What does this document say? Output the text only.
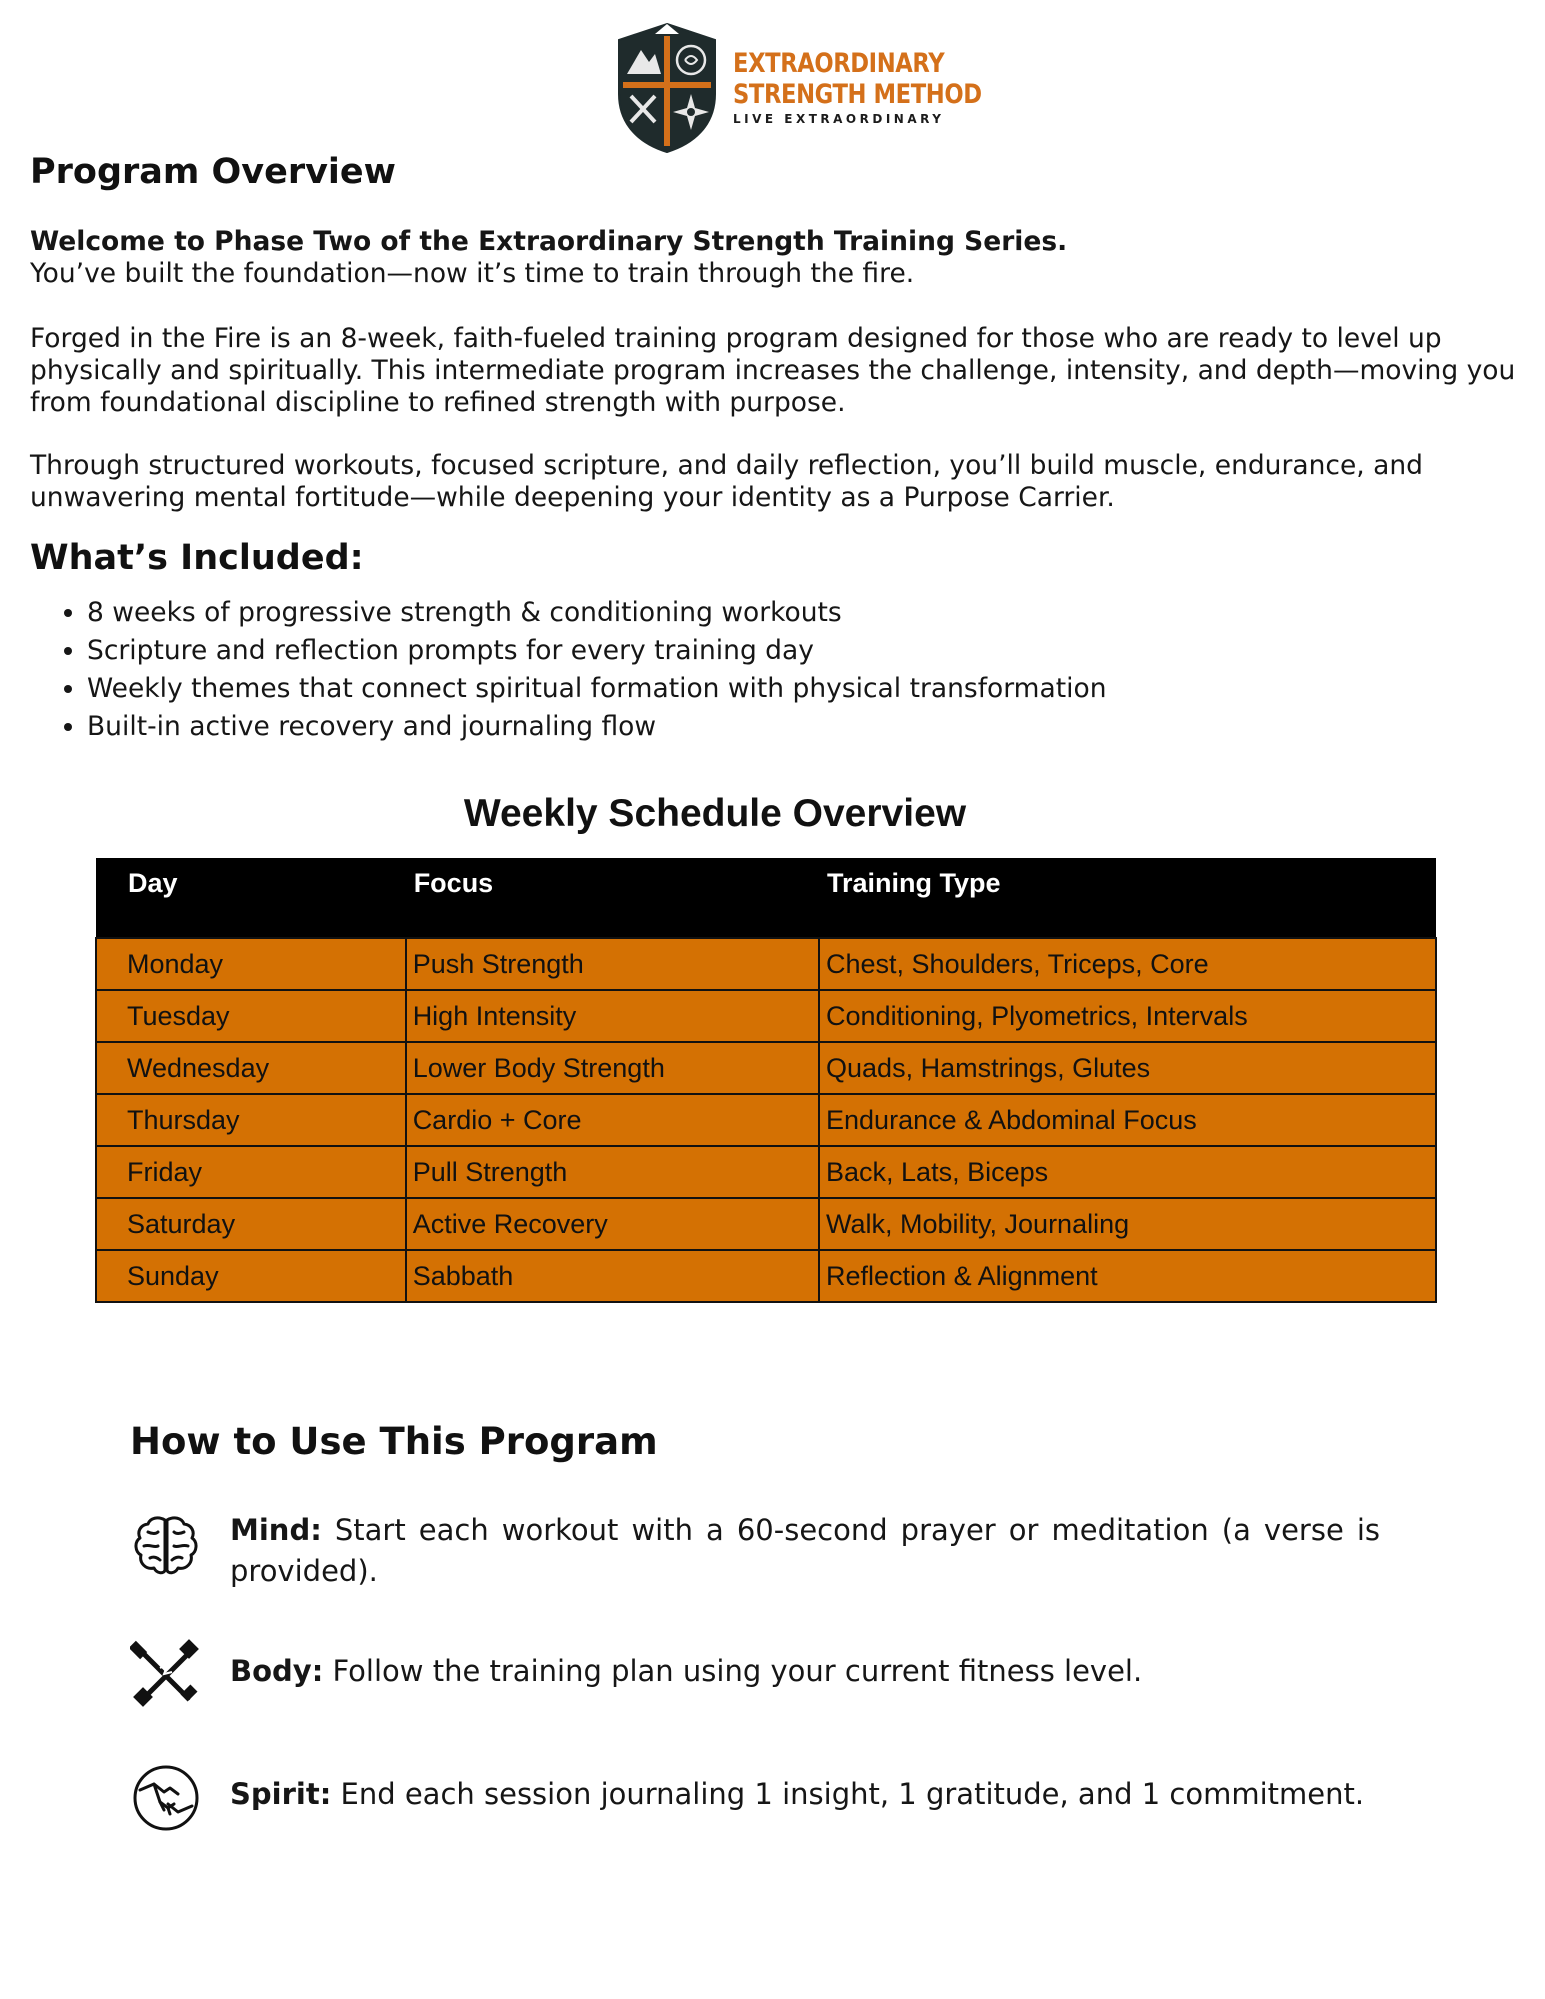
EXTRAORDINARY
STRENGTH METHOD
LIVE EXTRAORDINARY
Program Overview

Welcome to Phase Two of the Extraordinary Strength Training Series.
You’ve built the foundation—now it’s time to train through the fire.

Forged in the Fire is an 8-week, faith-fueled training program designed for those who are ready to level up physically and spiritually. This intermediate program increases the challenge, intensity, and depth—moving you from foundational discipline to refined strength with purpose.

Through structured workouts, focused scripture, and daily reflection, you’ll build muscle, endurance, and unwavering mental fortitude—while deepening your identity as a Purpose Carrier.

What’s Included:
• 8 weeks of progressive strength & conditioning workouts
• Scripture and reflection prompts for every training day
• Weekly themes that connect spiritual formation with physical transformation
• Built-in active recovery and journaling flow
Weekly Schedule Overview
Day	Focus	Training Type
Monday	Push Strength	Chest, Shoulders, Triceps, Core
Tuesday	High Intensity	Conditioning, Plyometrics, Intervals
Wednesday	Lower Body Strength	Quads, Hamstrings, Glutes
Thursday	Cardio + Core	Endurance & Abdominal Focus
Friday	Pull Strength	Back, Lats, Biceps
Saturday	Active Recovery	Walk, Mobility, Journaling
Sunday	Sabbath	Reflection & Alignment
How to Use This Program

Mind: Start each workout with a 60-second prayer or meditation (a verse is provided).

Body: Follow the training plan using your current fitness level.

Spirit: End each session journaling 1 insight, 1 gratitude, and 1 commitment.
